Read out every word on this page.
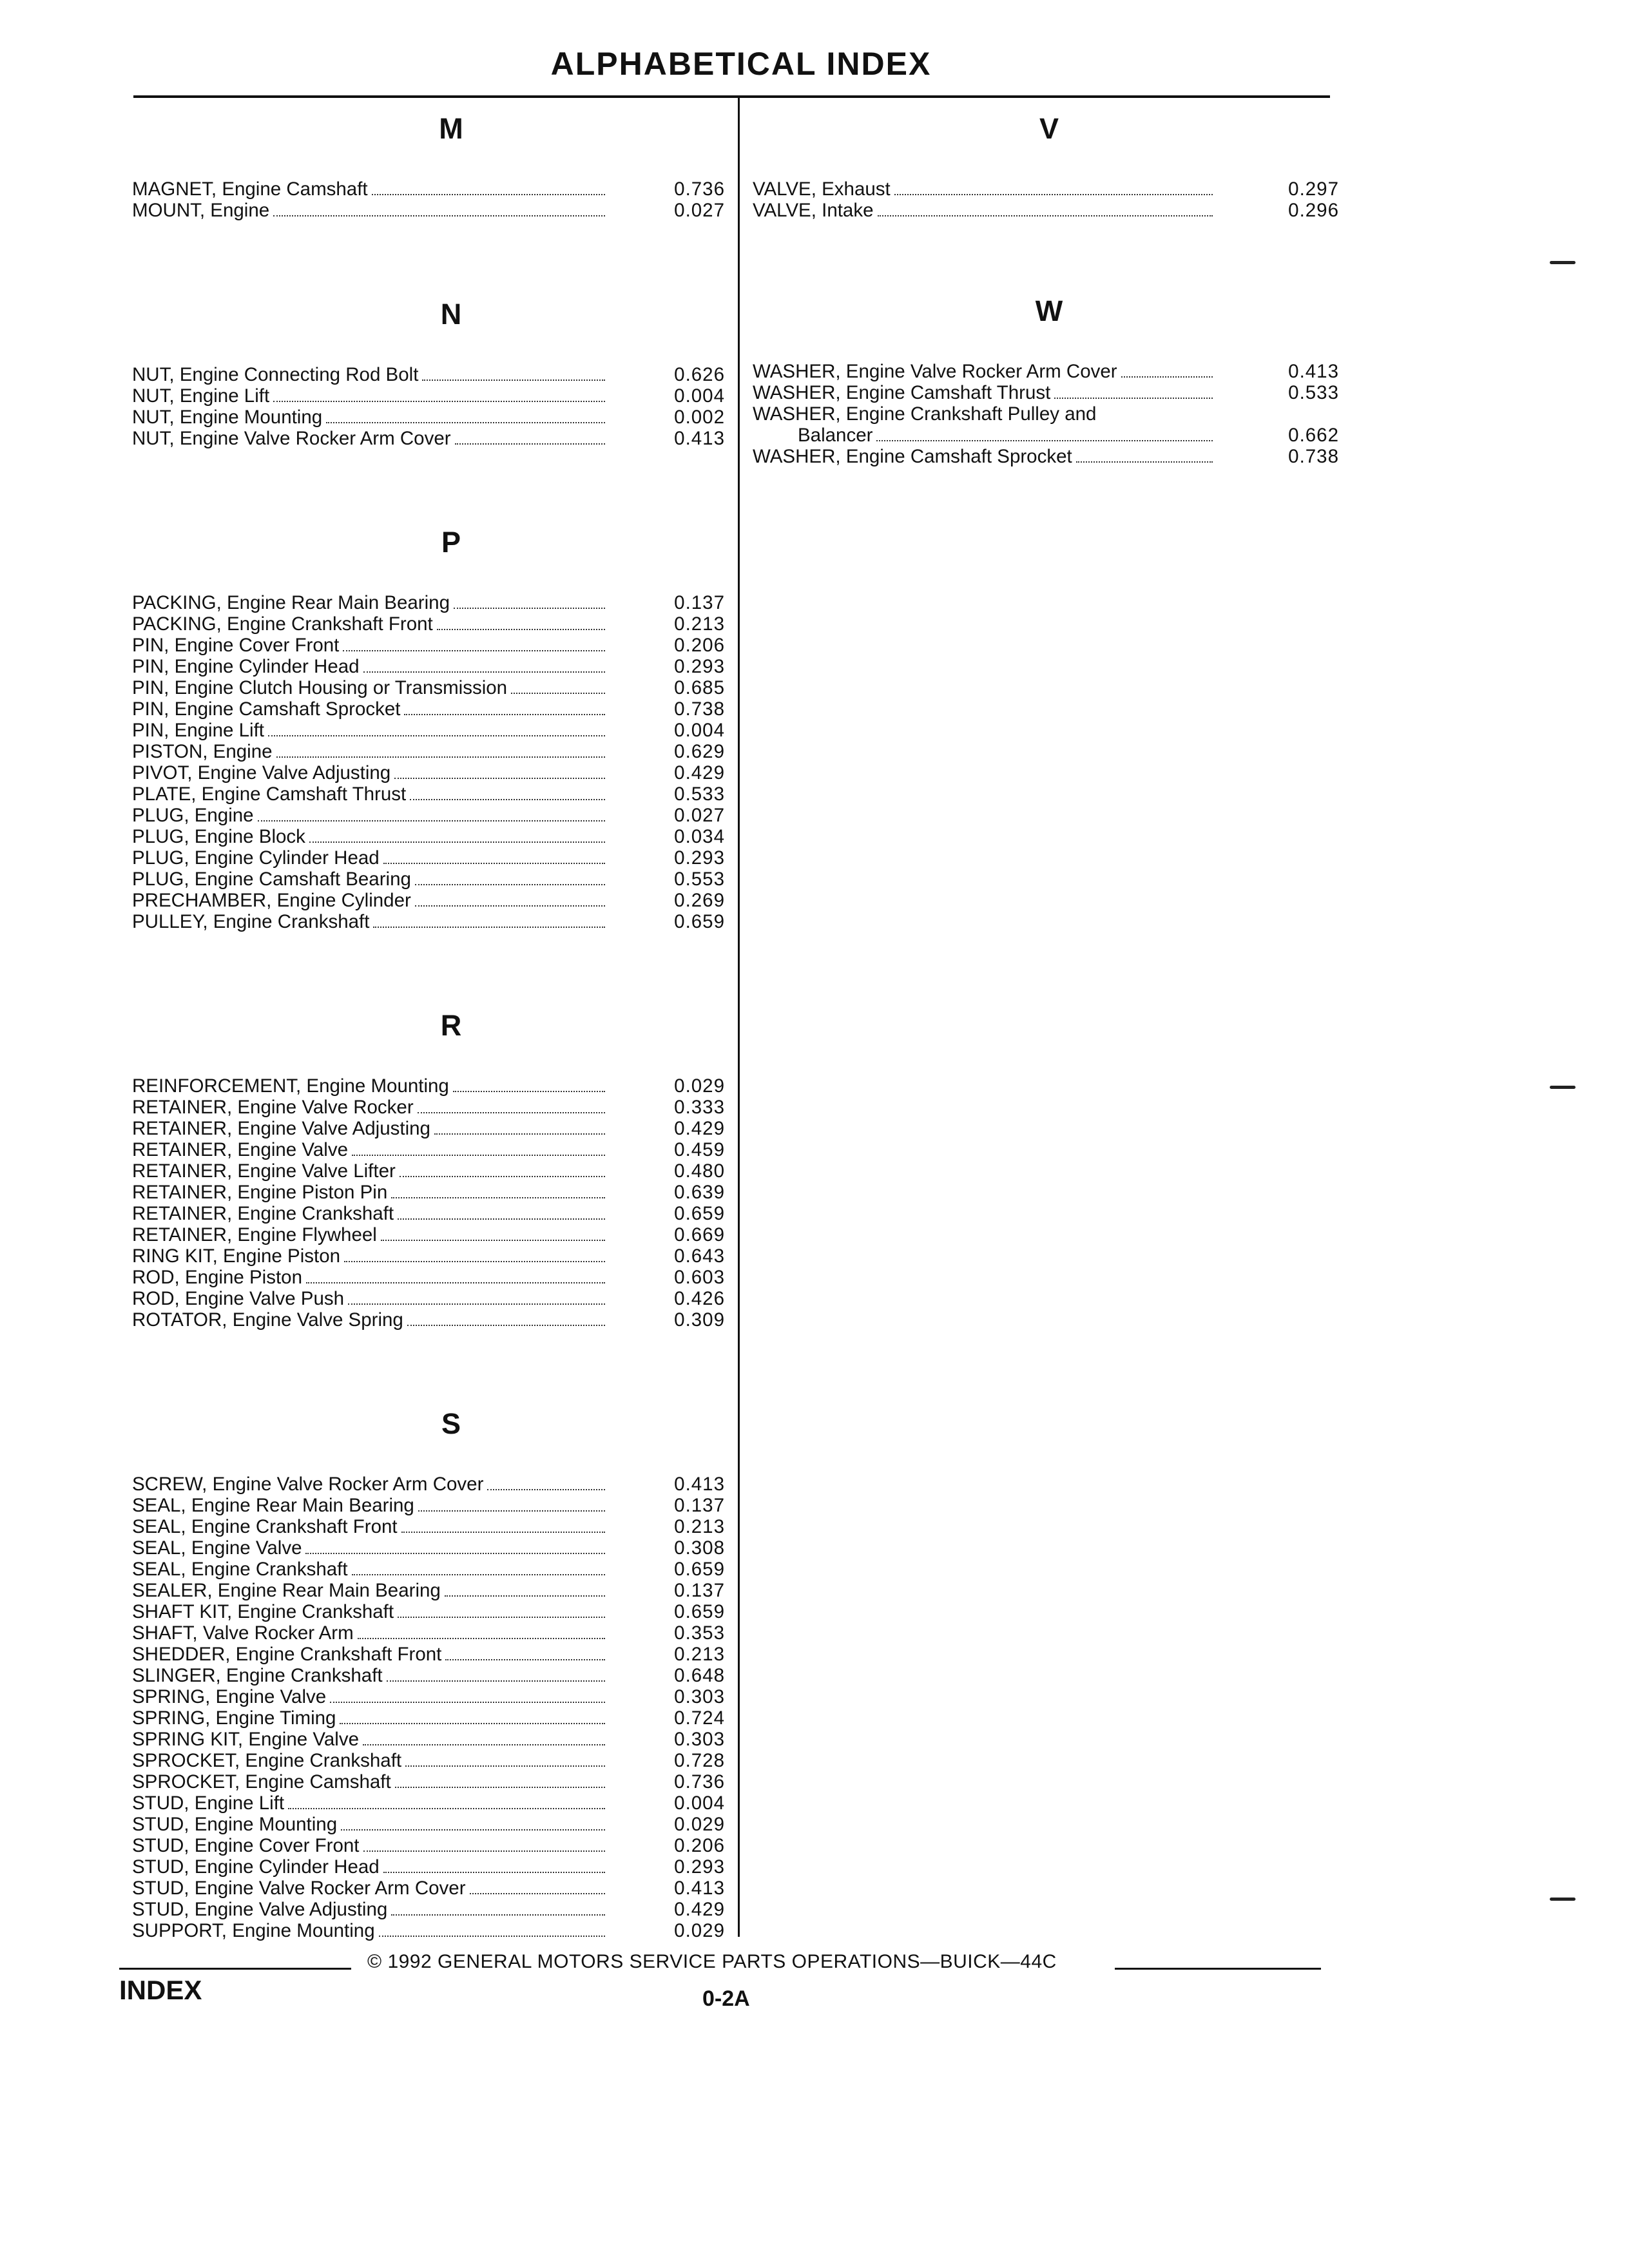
ALPHABETICAL INDEX
M
MAGNET, Engine Camshaft	0.736
MOUNT, Engine	0.027
N
NUT, Engine Connecting Rod Bolt	0.626
NUT, Engine Lift	0.004
NUT, Engine Mounting	0.002
NUT, Engine Valve Rocker Arm Cover	0.413
P
PACKING, Engine Rear Main Bearing	0.137
PACKING, Engine Crankshaft Front	0.213
PIN, Engine Cover Front	0.206
PIN, Engine Cylinder Head	0.293
PIN, Engine Clutch Housing or Transmission	0.685
PIN, Engine Camshaft Sprocket	0.738
PIN, Engine Lift	0.004
PISTON, Engine	0.629
PIVOT, Engine Valve Adjusting	0.429
PLATE, Engine Camshaft Thrust	0.533
PLUG, Engine	0.027
PLUG, Engine Block	0.034
PLUG, Engine Cylinder Head	0.293
PLUG, Engine Camshaft Bearing	0.553
PRECHAMBER, Engine Cylinder	0.269
PULLEY, Engine Crankshaft	0.659
R
REINFORCEMENT, Engine Mounting	0.029
RETAINER, Engine Valve Rocker	0.333
RETAINER, Engine Valve Adjusting	0.429
RETAINER, Engine Valve	0.459
RETAINER, Engine Valve Lifter	0.480
RETAINER, Engine Piston Pin	0.639
RETAINER, Engine Crankshaft	0.659
RETAINER, Engine Flywheel	0.669
RING KIT, Engine Piston	0.643
ROD, Engine Piston	0.603
ROD, Engine Valve Push	0.426
ROTATOR, Engine Valve Spring	0.309
S
SCREW, Engine Valve Rocker Arm Cover	0.413
SEAL, Engine Rear Main Bearing	0.137
SEAL, Engine Crankshaft Front	0.213
SEAL, Engine Valve	0.308
SEAL, Engine Crankshaft	0.659
SEALER, Engine Rear Main Bearing	0.137
SHAFT KIT, Engine Crankshaft	0.659
SHAFT, Valve Rocker Arm	0.353
SHEDDER, Engine Crankshaft Front	0.213
SLINGER, Engine Crankshaft	0.648
SPRING, Engine Valve	0.303
SPRING, Engine Timing	0.724
SPRING KIT, Engine Valve	0.303
SPROCKET, Engine Crankshaft	0.728
SPROCKET, Engine Camshaft	0.736
STUD, Engine Lift	0.004
STUD, Engine Mounting	0.029
STUD, Engine Cover Front	0.206
STUD, Engine Cylinder Head	0.293
STUD, Engine Valve Rocker Arm Cover	0.413
STUD, Engine Valve Adjusting	0.429
SUPPORT, Engine Mounting	0.029
V
VALVE, Exhaust	0.297
VALVE, Intake	0.296
W
WASHER, Engine Valve Rocker Arm Cover	0.413
WASHER, Engine Camshaft Thrust	0.533
WASHER, Engine Crankshaft Pulley and
Balancer	0.662
WASHER, Engine Camshaft Sprocket	0.738
© 1992 GENERAL MOTORS SERVICE PARTS OPERATIONS—BUICK—44C
INDEX	0-2A
